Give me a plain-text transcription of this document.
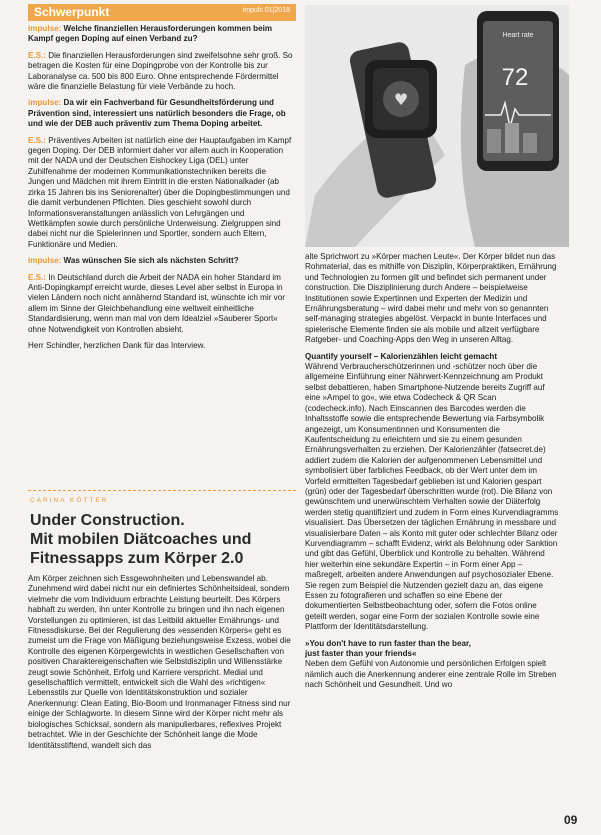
Schwerpunkt	impuls 01|2018

impulse: Welche finanziellen Herausforderungen kommen beim Kampf gegen Doping auf einen Verband zu?

E.S.: Die finanziellen Herausforderungen sind zweifelsohne sehr groß. So betragen die Kosten für eine Dopingprobe von der Kontrolle bis zur Laboranalyse ca. 500 bis 800 Euro. Ohne entsprechende Fördermittel wäre die finanzielle Belastung für viele Verbände zu hoch.

impulse: Da wir ein Fachverband für Gesundheitsförderung und Prävention sind, interessiert uns natürlich besonders die Frage, ob und wie der DEB auch präventiv zum Thema Doping arbeitet.

E.S.: Präventives Arbeiten ist natürlich eine der Hauptaufgaben im Kampf gegen Doping. Der DEB informiert daher vor allem auch in Kooperation mit der NADA und der Deutschen Eishockey Liga (DEL) unter Zuhilfenahme der modernen Kommunikationstechniken bereits die Jungen und Mädchen mit ihrem Eintritt in die ersten Nationalkader (ab zirka 15 Jahren bis ins Seniorenalter) über die Dopingbestimmungen und die damit verbundenen Pflichten. Dies geschieht sowohl durch Informationsveranstaltungen anlässlich von Lehrgängen und Wettkämpfen sowie durch persönliche Unterweisung. Zielgruppen sind dabei nicht nur die Spielerinnen und Sportler, sondern auch Eltern, Funktionäre und Medien.

impulse: Was wünschen Sie sich als nächsten Schritt?

E.S.: In Deutschland durch die Arbeit der NADA ein hoher Standard im Anti-Dopingkampf erreicht wurde, dieses Level aber selbst in Europa in vielen Ländern noch nicht annähernd Standard ist, wünschte ich mir vor allem im Sinne der Gleichbehandlung eine weltweit einheitliche Standardisierung, wenn man mal von dem Idealziel »Sauberer Sport« ohne Notwendigkeit von Kontrollen absieht.

Herr Schindler, herzlichen Dank für das Interview.

CARINA KÖTTER
Under Construction.
Mit mobilen Diätcoaches und
Fitnessapps zum Körper 2.0

Am Körper zeichnen sich Essgewohnheiten und Lebenswandel ab. Zunehmend wird dabei nicht nur ein definiertes Schönheitsideal, sondern vielmehr die vom Individuum erbrachte Leistung beurteilt. Des Körpers habhaft zu werden, ihn unter Kontrolle zu bringen und ihn nach eigenen Vorstellungen zu optimieren, ist das Leitbild aktueller Ernährungs- und Fitnessdiskurse. Bei der Regulierung des »essenden Körpers« geht es zumeist um die Frage von Mäßigung beziehungsweise Exzess, wobei die Kontrolle des eigenen Körpergewichts in westlichen Gesellschaften von positiven Charaktereigenschaften wie Selbstdisziplin und Willensstärke zeugt sowie Schönheit, Erfolg und Karriere verspricht. Medial und gesellschaftlich vermittelt, entwickelt sich die Wahl des »richtigen« Lebensstils zur Quelle von Identitätskonstruktion und sozialer Anerkennung: Clean Eating, Bio-Boom und Ironmanager Fitness sind nur einige der Schlagworte. In diesem Sinne wird der Körper nicht mehr als biologisches Schicksal, sondern als manipulierbares, reflexives Projekt betrachtet. Wie in der Geschichte der Schönheit lange die Mode Identitätsstiftend, wandelt sich das

♥
Heart rate
72

alte Sprichwort zu »Körper machen Leute«. Der Körper bildet nun das Rohmaterial, das es mithilfe von Disziplin, Körperpraktiken, Ernährung und Technologien zu formen gilt und befindet sich permanent under construction. Die Disziplinierung durch Andere – beispielweise Institutionen sowie Expertinnen und Experten der Medizin und Ernährungsberatung – wird dabei mehr und mehr von so genannten self-managing strategies abgelöst. Verpackt in bunte Interfaces und spielerische Elemente finden sie als mobile und allzeit verfügbare Ratgeber- und Coaching-Apps den Weg in unseren Alltag.

Quantify yourself – Kalorienzählen leicht gemacht

Während Verbraucherschützerinnen und -schützer noch über die allgemeine Einführung einer Nährwert-Kennzeichnung am Produkt selbst debattieren, haben Smartphone-Nutzende bereits Zugriff auf eine »Ampel to go«, wie etwa Codecheck & QR Scan (codecheck.info). Nach Einscannen des Barcodes werden die Inhaltsstoffe sowie die entsprechende Bewertung via Farbsymbolik angezeigt, um Konsumentinnen und Konsumenten die Kaufentscheidung zu erleichtern und sie zu einem gesunden Ernährungsverhalten zu erziehen. Der Kalorienzähler (fatsecret.de) addiert zudem die Kalorien der aufgenommenen Lebensmittel und symbolisiert über farbliches Feedback, ob der Wert unter dem im Vorfeld ermittelten Tagesbedarf geblieben ist und Kalorien gespart (grün) oder der Tagesbedarf überschritten wurde (rot). Die Bilanz von gewünschtem und unerwünschtem Verhalten sowie der Diäterfolg werden stetig quantifiziert und zudem in Form eines Kurvendiagramms visualisiert. Das Übersetzen der täglichen Ernährung in messbare und visualisierbare Daten – als Konto mit guter oder schlechter Bilanz oder Kurvendiagramm – schafft Evidenz, wirkt als Belohnung oder Sanktion und gibt das Gefühl, Überblick und Kontrolle zu behalten. Während hier weiterhin eine sekundäre Expertin – in Form einer App – maßregelt, arbeiten andere Anwendungen auf psychosozialer Ebene. Sie regen zum Beispiel die Nutzenden gezielt dazu an, das eigene Essen zu fotografieren und schaffen so eine Ebene der dokumentierten Selbstbeobachtung oder, sofern die Fotos online geteilt werden, sogar eine Form der sozialen Kontrolle sowie eine Plattform der Identitätsdarstellung.

»You don't have to run faster than the bear,
just faster than your friends«

Neben dem Gefühl von Autonomie und persönlichen Erfolgen spielt nämlich auch die Anerkennung anderer eine zentrale Rolle im Streben nach Schönheit und Gesundheit. Und wo

09
